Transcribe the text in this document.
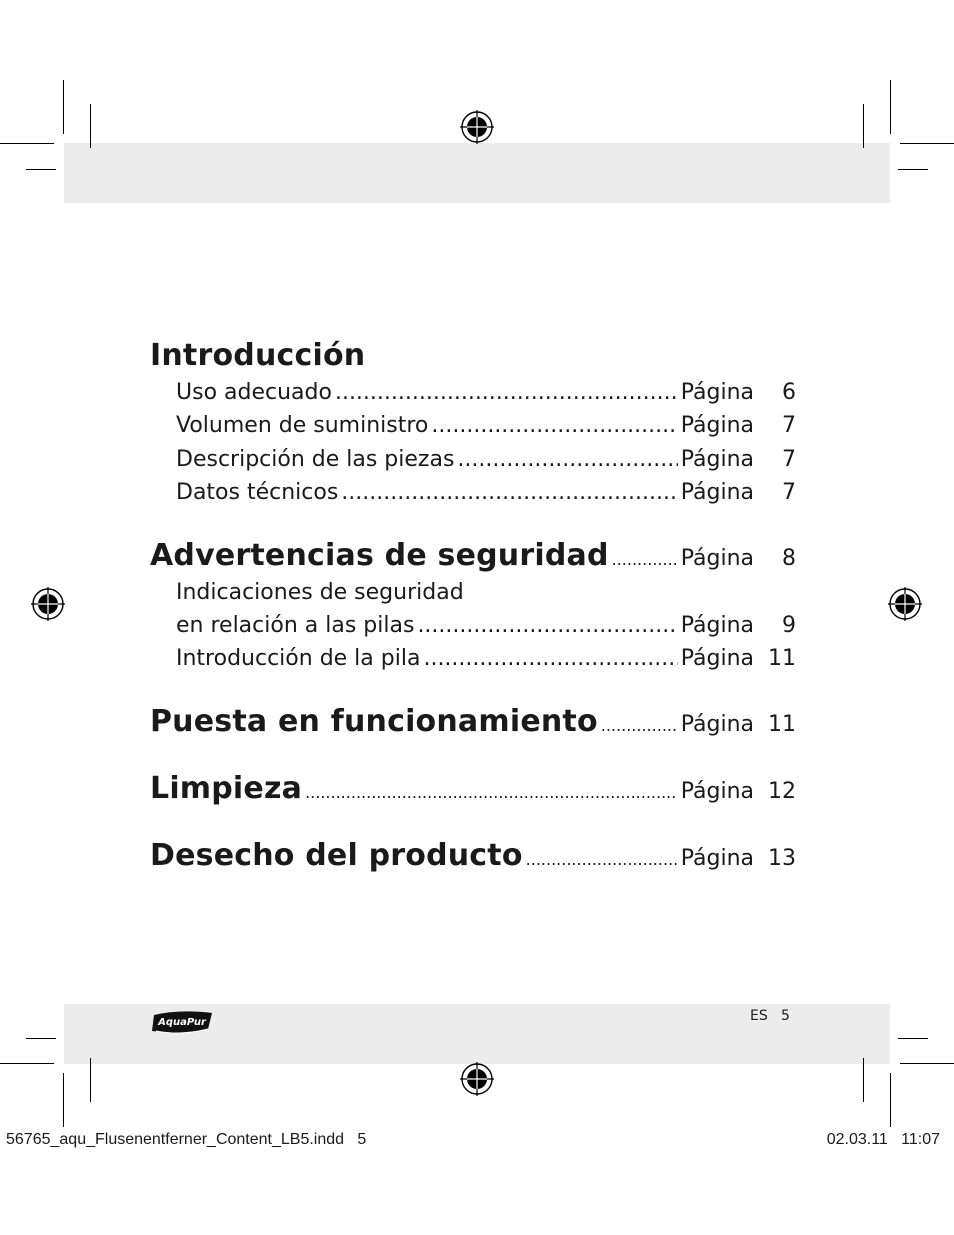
Introducción
Uso adecuado .....	Página	6
Volumen de suministro .....	Página	7
Descripción de las piezas .....	Página	7
Datos técnicos .....	Página	7
Advertencias de seguridad .....	Página	8
Indicaciones de seguridad
en relación a las pilas .....	Página	9
Introducción de la pila .....	Página 11
Puesta en funcionamiento .....	Página 11
Limpieza .....	Página 12
Desecho del producto .....	Página 13
AquaPur	ES 5
56765_aqu_Flusenentferner_Content_LB5.indd   5	02.03.11   11:07
